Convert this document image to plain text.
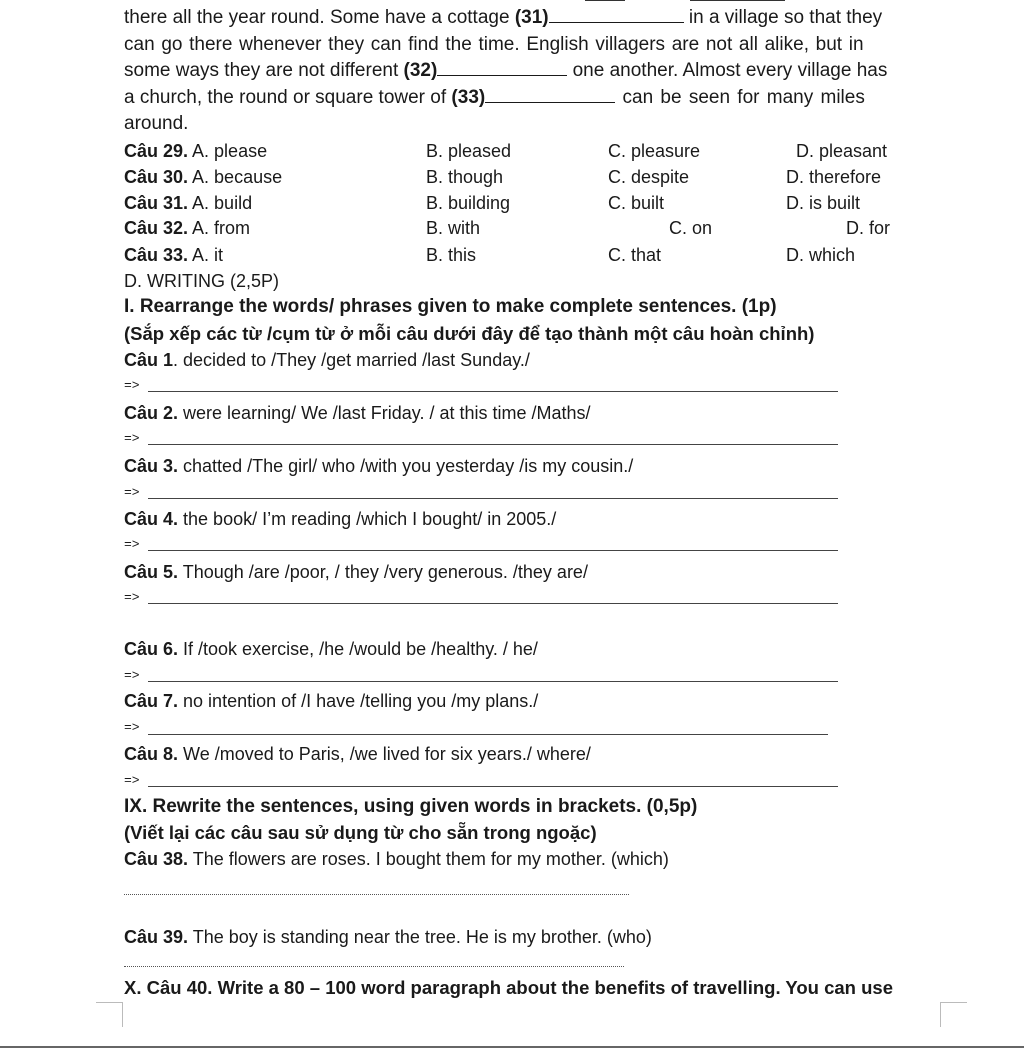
there all the year round. Some have a cottage (31)	in a village so that they
can go there whenever they can find the time. English villagers are not all alike, but in
some ways they are not different (32)	one another. Almost every village has
a church, the round or square tower of (33)	can be seen for many miles
around.
Câu 29. A. please	B. pleased	C. pleasure	D. pleasant
Câu 30. A. because	B. though	C. despite	D. therefore
Câu 31. A. build	B. building	C. built	D. is built
Câu 32. A. from	B. with	C. on	D. for
Câu 33. A. it	B. this	C. that	D. which
D. WRITING (2,5P)
I. Rearrange the words/ phrases given to make complete sentences. (1p)
(Sắp xếp các từ /cụm từ ở mỗi câu dưới đây để tạo thành một câu hoàn chỉnh)
Câu 1. decided to /They /get married /last Sunday./
=>
Câu 2. were learning/ We /last Friday. / at this time /Maths/
=>
Câu 3. chatted /The girl/ who /with you yesterday /is my cousin./
=>
Câu 4. the book/ I’m reading /which I bought/ in 2005./
=>
Câu 5. Though /are /poor, / they /very generous. /they are/
=>
Câu 6. If /took exercise, /he /would be /healthy. / he/
=>
Câu 7. no intention of /I have /telling you /my plans./
=>
Câu 8. We /moved to Paris, /we lived for six years./ where/
=>
IX. Rewrite the sentences, using given words in brackets. (0,5p)
(Viết lại các câu sau sử dụng từ cho sẵn trong ngoặc)
Câu 38. The flowers are roses. I bought them for my mother. (which)
Câu 39. The boy is standing near the tree. He is my brother. (who)
X. Câu 40. Write a 80 – 100 word paragraph about the benefits of travelling. You can use
